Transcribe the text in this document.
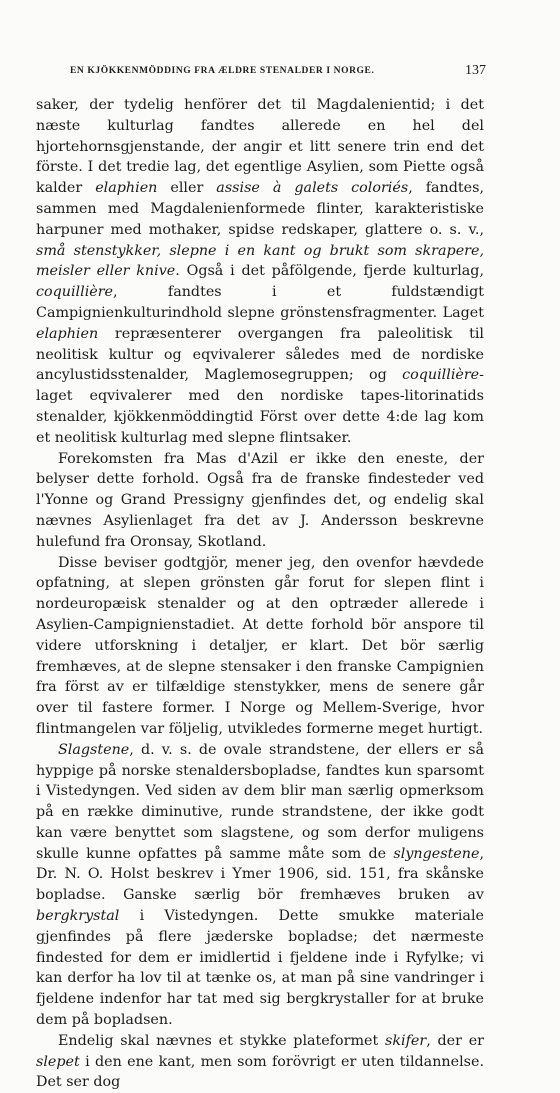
EN KJÖKKENMÖDDING FRA ÆLDRE STENALDER I NORGE.	137

saker, der tydelig henförer det til Magdalenientid; i det næste kulturlag fandtes allerede en hel del hjortehornsgjenstande, der angir et litt senere trin end det förste. I det tredie lag, det egentlige Asylien, som Piette også kalder elaphien eller assise à galets coloriés, fandtes, sammen med Magdalenienformede flinter, karakteristiske harpuner med mothaker, spidse redskaper, glattere o. s. v., små stenstykker, slepne i en kant og brukt som skrapere, meisler eller knive. Også i det påfölgende, fjerde kulturlag, coquillière, fandtes i et fuldstændigt Campignienkulturindhold slepne grönstensfragmenter. Laget elaphien repræsenterer overgangen fra paleolitisk til neolitisk kultur og eqvivalerer således med de nordiske ancylustidsstenalder, Maglemosegruppen; og coquillière-laget eqvivalerer med den nordiske tapes-litorinatids stenalder, kjökkenmöddingtid Först over dette 4:de lag kom et neolitisk kulturlag med slepne flintsaker.

Forekomsten fra Mas d'Azil er ikke den eneste, der belyser dette forhold. Også fra de franske findesteder ved l'Yonne og Grand Pressigny gjenfindes det, og endelig skal nævnes Asylienlaget fra det av J. Andersson beskrevne hulefund fra Oronsay, Skotland.

Disse beviser godtgjör, mener jeg, den ovenfor hævdede opfatning, at slepen grönsten går forut for slepen flint i nordeuropæisk stenalder og at den optræder allerede i Asylien-Campignienstadiet. At dette forhold bör anspore til videre utforskning i detaljer, er klart. Det bör særlig fremhæves, at de slepne stensaker i den franske Campignien fra först av er tilfældige stenstykker, mens de senere går over til fastere former. I Norge og Mellem-Sverige, hvor flintmangelen var följelig, utvikledes formerne meget hurtigt.

Slagstene, d. v. s. de ovale strandstene, der ellers er så hyppige på norske stenaldersbopladse, fandtes kun sparsomt i Vistedyngen. Ved siden av dem blir man særlig opmerksom på en række diminutive, runde strandstene, der ikke godt kan være benyttet som slagstene, og som derfor muligens skulle kunne opfattes på samme måte som de slyngestene, Dr. N. O. Holst beskrev i Ymer 1906, sid. 151, fra skånske bopladse. Ganske særlig bör fremhæves bruken av bergkrystal i Vistedyngen. Dette smukke materiale gjenfindes på flere jæderske bopladse; det nærmeste findested for dem er imidlertid i fjeldene inde i Ryfylke; vi kan derfor ha lov til at tænke os, at man på sine vandringer i fjeldene indenfor har tat med sig bergkrystaller for at bruke dem på bopladsen.

Endelig skal nævnes et stykke plateformet skifer, der er slepet i den ene kant, men som forövrigt er uten tildannelse. Det ser dog
